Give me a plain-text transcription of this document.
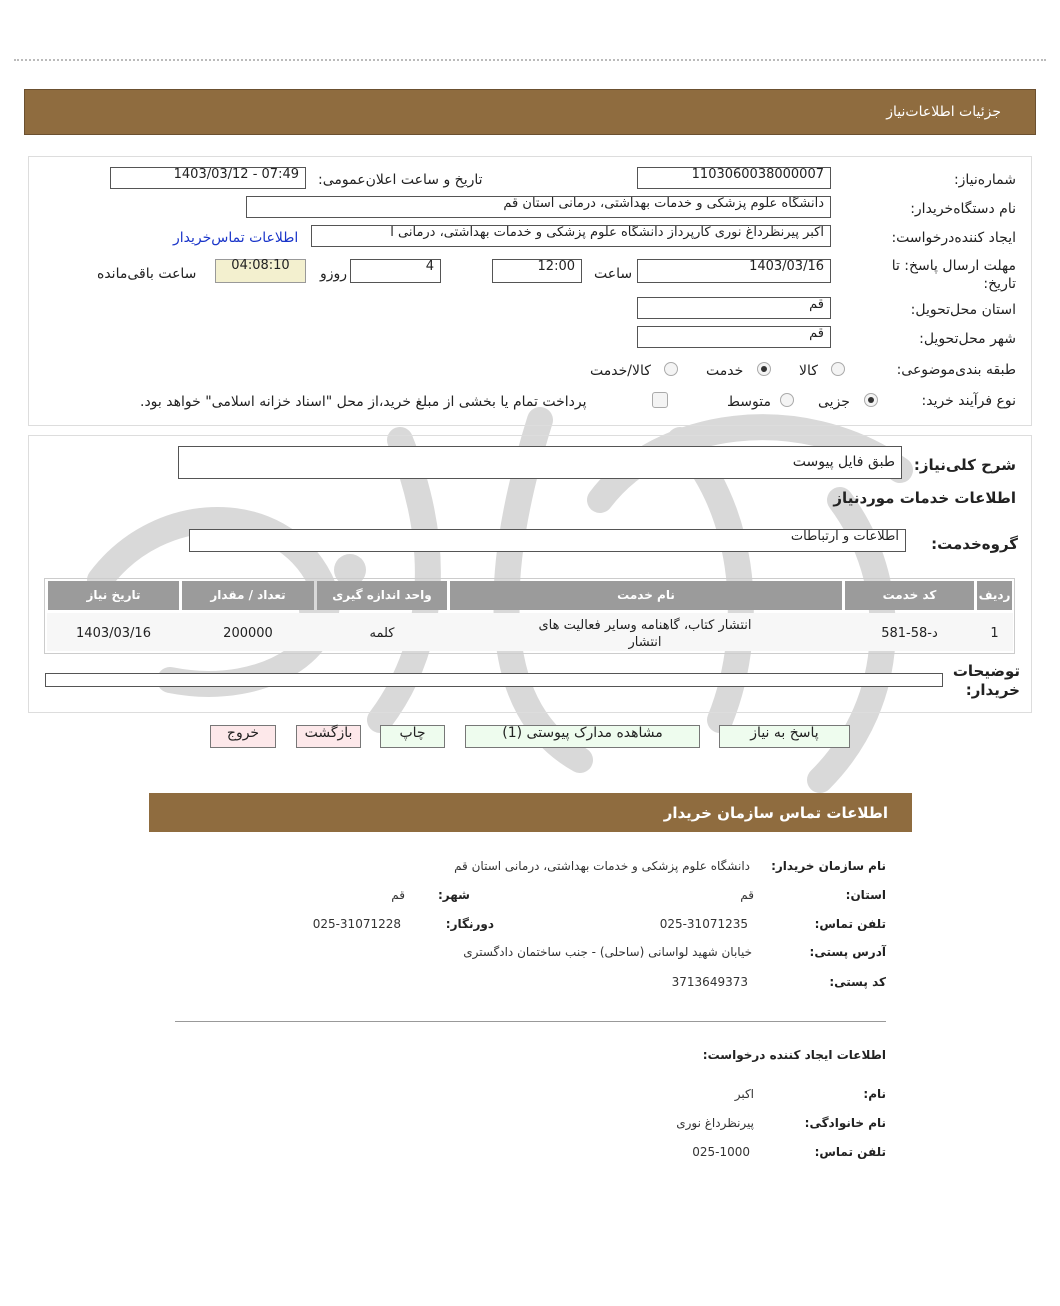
جزئیات اطلاعات‌نیاز
شماره‌نیاز:
1103060038000007
تاریخ و ساعت اعلان‌عمومی:
1403/03/12 - 07:49
نام دستگاه‌خریدار:
دانشگاه علوم پزشکی و خدمات بهداشتی، درمانی استان قم
ایجاد کننده‌درخواست:
اکبر پیرنظرداغ نوری کارپرداز دانشگاه علوم پزشکی و خدمات بهداشتی، درمانی ا
اطلاعات تماس‌خریدار
مهلت ارسال پاسخ: تا تاریخ:
1403/03/16
ساعت
12:00
4
روزو
04:08:10
ساعت باقی‌مانده
استان محل‌تحویل:
قم
شهر محل‌تحویل:
قم
طبقه بندی‌موضوعی:
کالا
خدمت
کالا/خدمت
نوع فرآیند خرید:
جزیی
متوسط
پرداخت تمام یا بخشی از مبلغ خرید،از محل "اسناد خزانه اسلامی" خواهد بود.
شرح کلی‌نیاز:
طبق فایل پیوست
اطلاعات خدمات موردنیاز
گروه‌خدمت:
اطلاعات و ارتباطات
ردیف
کد خدمت
نام خدمت
واحد اندازه گیری
تعداد / مقدار
تاریخ نیاز
1
د-58-581
انتشار کتاب، گاهنامه وسایر فعالیت های انتشار
کلمه
200000
1403/03/16
توضیحات خریدار:
پاسخ به نیاز
مشاهده مدارک پیوستی (1)
چاپ
بازگشت
خروج
اطلاعات تماس سازمان خریدار
نام سازمان خریدار:
دانشگاه علوم پزشکی و خدمات بهداشتی، درمانی استان قم
استان:
قم
شهر:
قم
تلفن تماس:
025-31071235
دورنگار:
025-31071228
آدرس پستی:
خیابان شهید لواسانی (ساحلی) - جنب ساختمان دادگستری
کد پستی:
3713649373
اطلاعات ایجاد کننده درخواست:
نام:
اکبر
نام خانوادگی:
پیرنظرداغ نوری
تلفن تماس:
025-1000
